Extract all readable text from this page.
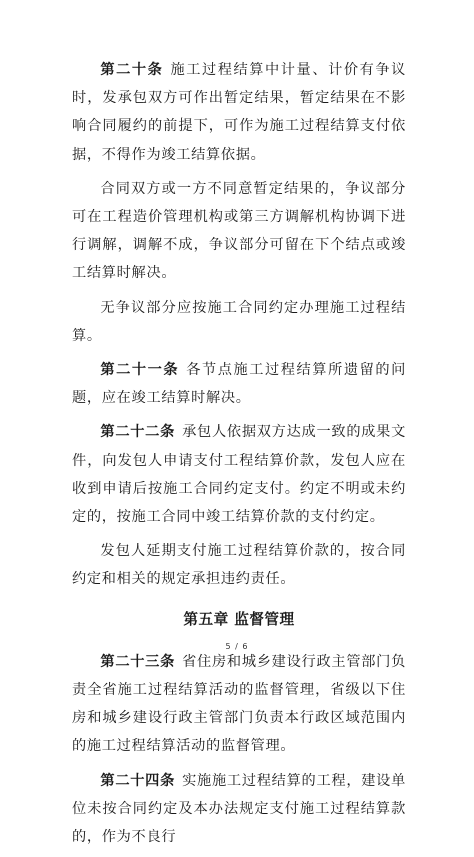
第二十条 施工过程结算中计量、计价有争议时，发承包双方可作出暂定结果，暂定结果在不影响合同履约的前提下，可作为施工过程结算支付依据，不得作为竣工结算依据。

合同双方或一方不同意暂定结果的，争议部分可在工程造价管理机构或第三方调解机构协调下进行调解，调解不成，争议部分可留在下个结点或竣工结算时解决。

无争议部分应按施工合同约定办理施工过程结算。

第二十一条 各节点施工过程结算所遗留的问题，应在竣工结算时解决。

第二十二条 承包人依据双方达成一致的成果文件，向发包人申请支付工程结算价款，发包人应在收到申请后按施工合同约定支付。约定不明或未约定的，按施工合同中竣工结算价款的支付约定。

发包人延期支付施工过程结算价款的，按合同约定和相关的规定承担违约责任。

第五章 监督管理

第二十三条 省住房和城乡建设行政主管部门负责全省施工过程结算活动的监督管理，省级以下住房和城乡建设行政主管部门负责本行政区域范围内的施工过程结算活动的监督管理。

第二十四条 实施施工过程结算的工程，建设单位未按合同约定及本办法规定支付施工过程结算款的，作为不良行

5 / 6
